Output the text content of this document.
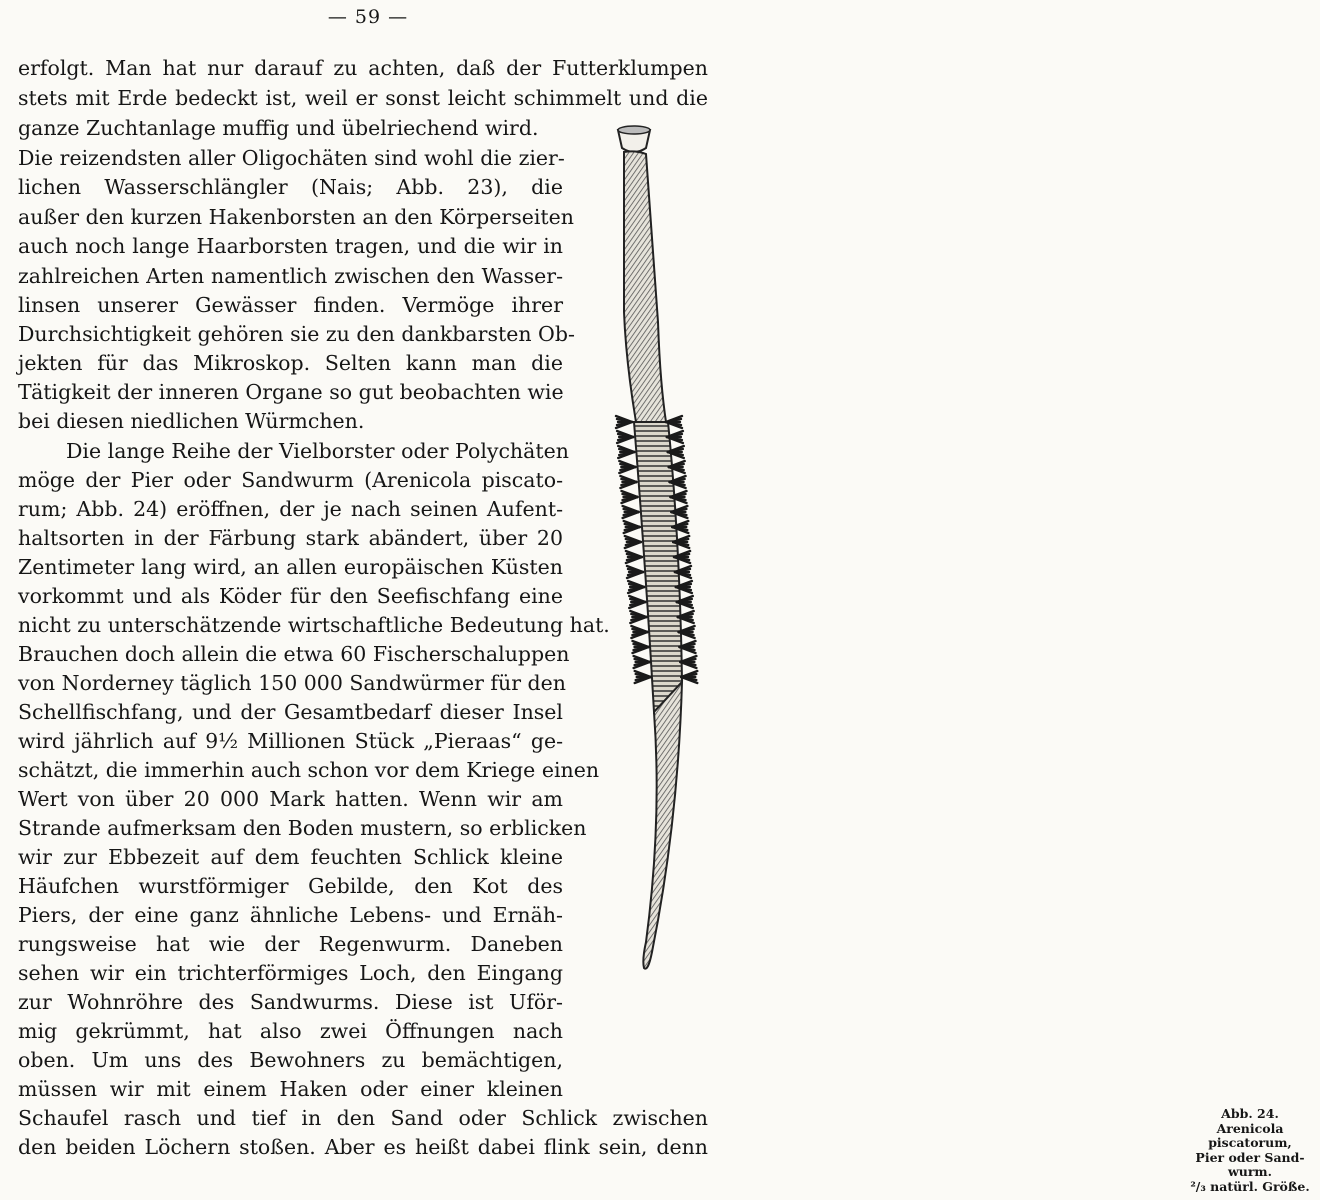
— 59 —
erfolgt. Man hat nur darauf zu achten, daß der Futterklumpen
stets mit Erde bedeckt ist, weil er sonst leicht schimmelt und die
ganze Zuchtanlage muffig und übelriechend wird.
Die reizendsten aller Oligochäten sind wohl die zier-
lichen Wasserschlängler (Nais; Abb. 23), die
außer den kurzen Hakenborsten an den Körperseiten
auch noch lange Haarborsten tragen, und die wir in
zahlreichen Arten namentlich zwischen den Wasser-
linsen unserer Gewässer finden. Vermöge ihrer
Durchsichtigkeit gehören sie zu den dankbarsten Ob-
jekten für das Mikroskop. Selten kann man die
Tätigkeit der inneren Organe so gut beobachten wie
bei diesen niedlichen Würmchen.
Die lange Reihe der Vielborster oder Polychäten
möge der Pier oder Sandwurm (Arenicola piscato-
rum; Abb. 24) eröffnen, der je nach seinen Aufent-
haltsorten in der Färbung stark abändert, über 20
Zentimeter lang wird, an allen europäischen Küsten
vorkommt und als Köder für den Seefischfang eine
nicht zu unterschätzende wirtschaftliche Bedeutung hat.
Brauchen doch allein die etwa 60 Fischerschaluppen
von Norderney täglich 150 000 Sandwürmer für den
Schellfischfang, und der Gesamtbedarf dieser Insel
wird jährlich auf 9½ Millionen Stück „Pieraas“ ge-
schätzt, die immerhin auch schon vor dem Kriege einen
Wert von über 20 000 Mark hatten. Wenn wir am
Strande aufmerksam den Boden mustern, so erblicken
wir zur Ebbezeit auf dem feuchten Schlick kleine
Häufchen wurstförmiger Gebilde, den Kot des
Piers, der eine ganz ähnliche Lebens- und Ernäh-
rungsweise hat wie der Regenwurm. Daneben
sehen wir ein trichterförmiges Loch, den Eingang
zur Wohnröhre des Sandwurms. Diese ist Uför-
mig gekrümmt, hat also zwei Öffnungen nach
oben. Um uns des Bewohners zu bemächtigen,
müssen wir mit einem Haken oder einer kleinen
Schaufel rasch und tief in den Sand oder Schlick zwischen
den beiden Löchern stoßen. Aber es heißt dabei flink sein, denn
Abb. 24.
Arenicola
piscatorum,
Pier oder Sand-
wurm.
²/₃ natürl. Größe.
